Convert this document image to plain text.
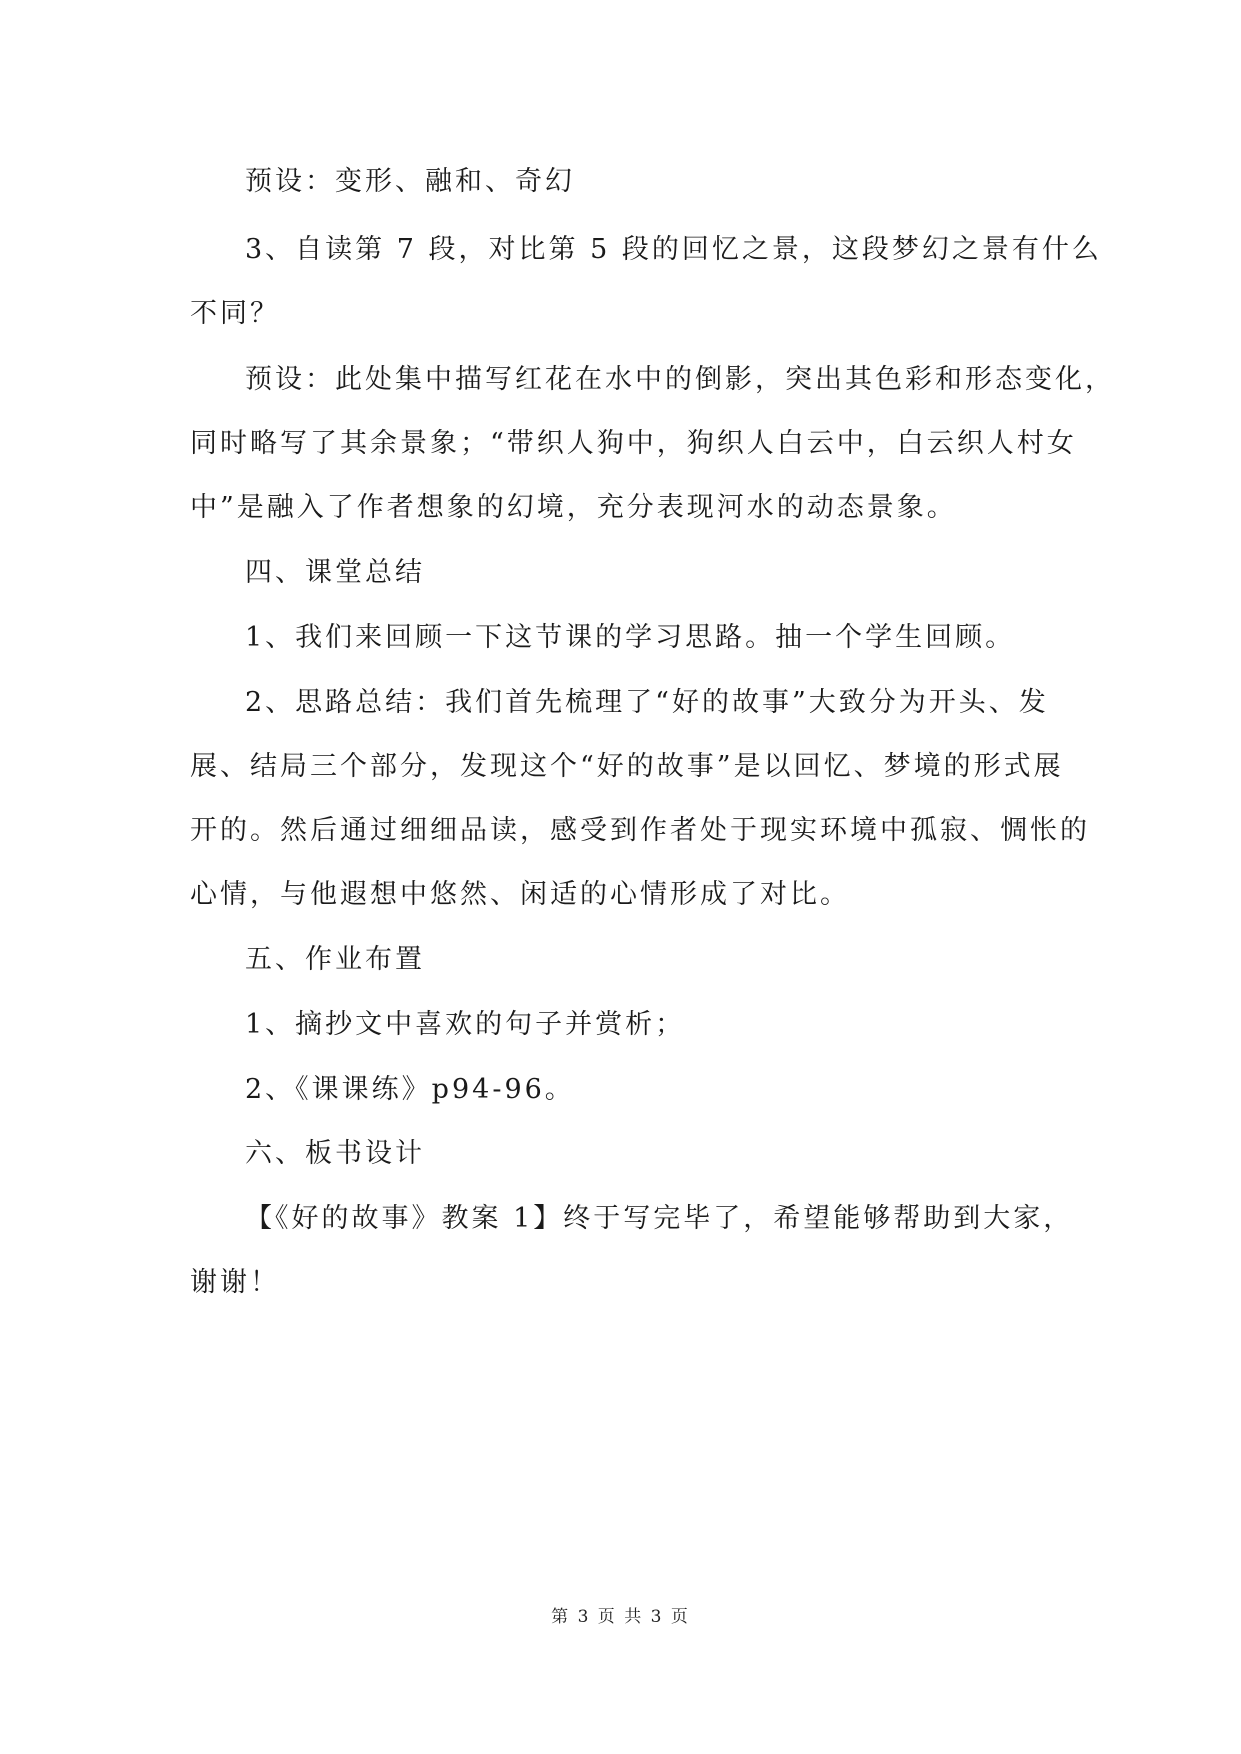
预设：变形、融和、奇幻
3、自读第 7 段，对比第 5 段的回忆之景，这段梦幻之景有什么
不同？
预设：此处集中描写红花在水中的倒影，突出其色彩和形态变化，
同时略写了其余景象；“带织人狗中，狗织人白云中，白云织人村女
中”是融入了作者想象的幻境，充分表现河水的动态景象。
四、课堂总结
1、我们来回顾一下这节课的学习思路。抽一个学生回顾。
2、思路总结：我们首先梳理了“好的故事”大致分为开头、发
展、结局三个部分，发现这个“好的故事”是以回忆、梦境的形式展
开的。然后通过细细品读，感受到作者处于现实环境中孤寂、惆怅的
心情，与他遐想中悠然、闲适的心情形成了对比。
五、作业布置
1、摘抄文中喜欢的句子并赏析；
2、《课课练》p94-96。
六、板书设计
【《好的故事》教案 1】终于写完毕了，希望能够帮助到大家，
谢谢！
第 3 页 共 3 页
